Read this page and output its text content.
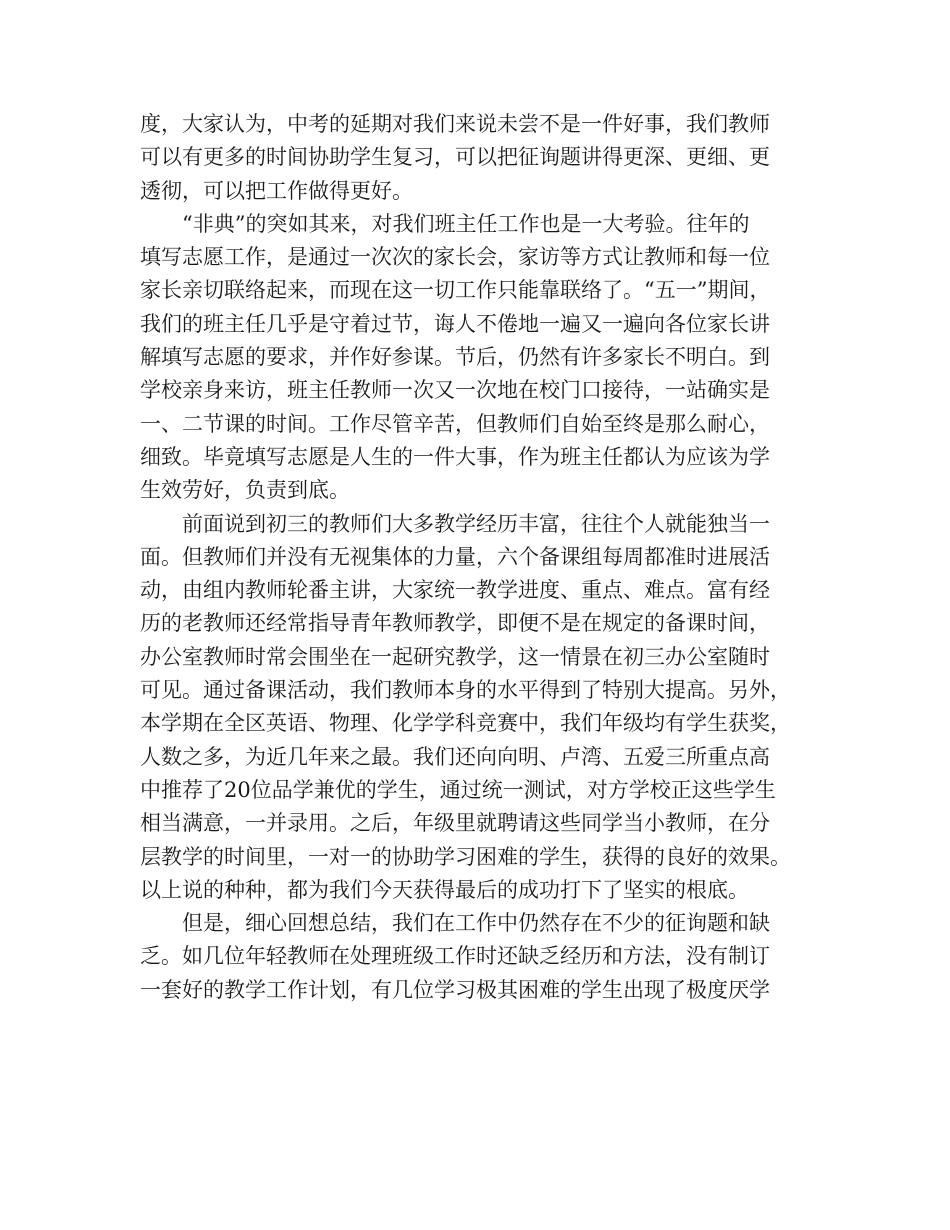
度，大家认为，中考的延期对我们来说未尝不是一件好事，我们教师
可以有更多的时间协助学生复习，可以把征询题讲得更深、更细、更
透彻，可以把工作做得更好。
“非典”的突如其来，对我们班主任工作也是一大考验。往年的
填写志愿工作，是通过一次次的家长会，家访等方式让教师和每一位
家长亲切联络起来，而现在这一切工作只能靠联络了。“五一”期间，
我们的班主任几乎是守着过节，诲人不倦地一遍又一遍向各位家长讲
解填写志愿的要求，并作好参谋。节后，仍然有许多家长不明白。到
学校亲身来访，班主任教师一次又一次地在校门口接待，一站确实是
一、二节课的时间。工作尽管辛苦，但教师们自始至终是那么耐心，
细致。毕竟填写志愿是人生的一件大事，作为班主任都认为应该为学
生效劳好，负责到底。
前面说到初三的教师们大多教学经历丰富，往往个人就能独当一
面。但教师们并没有无视集体的力量，六个备课组每周都准时进展活
动，由组内教师轮番主讲，大家统一教学进度、重点、难点。富有经
历的老教师还经常指导青年教师教学，即便不是在规定的备课时间，
办公室教师时常会围坐在一起研究教学，这一情景在初三办公室随时
可见。通过备课活动，我们教师本身的水平得到了特别大提高。另外，
本学期在全区英语、物理、化学学科竞赛中，我们年级均有学生获奖，
人数之多，为近几年来之最。我们还向向明、卢湾、五爱三所重点高
中推荐了20位品学兼优的学生，通过统一测试，对方学校正这些学生
相当满意，一并录用。之后，年级里就聘请这些同学当小教师，在分
层教学的时间里，一对一的协助学习困难的学生，获得的良好的效果。
以上说的种种，都为我们今天获得最后的成功打下了坚实的根底。
但是，细心回想总结，我们在工作中仍然存在不少的征询题和缺
乏。如几位年轻教师在处理班级工作时还缺乏经历和方法，没有制订
一套好的教学工作计划，有几位学习极其困难的学生出现了极度厌学
